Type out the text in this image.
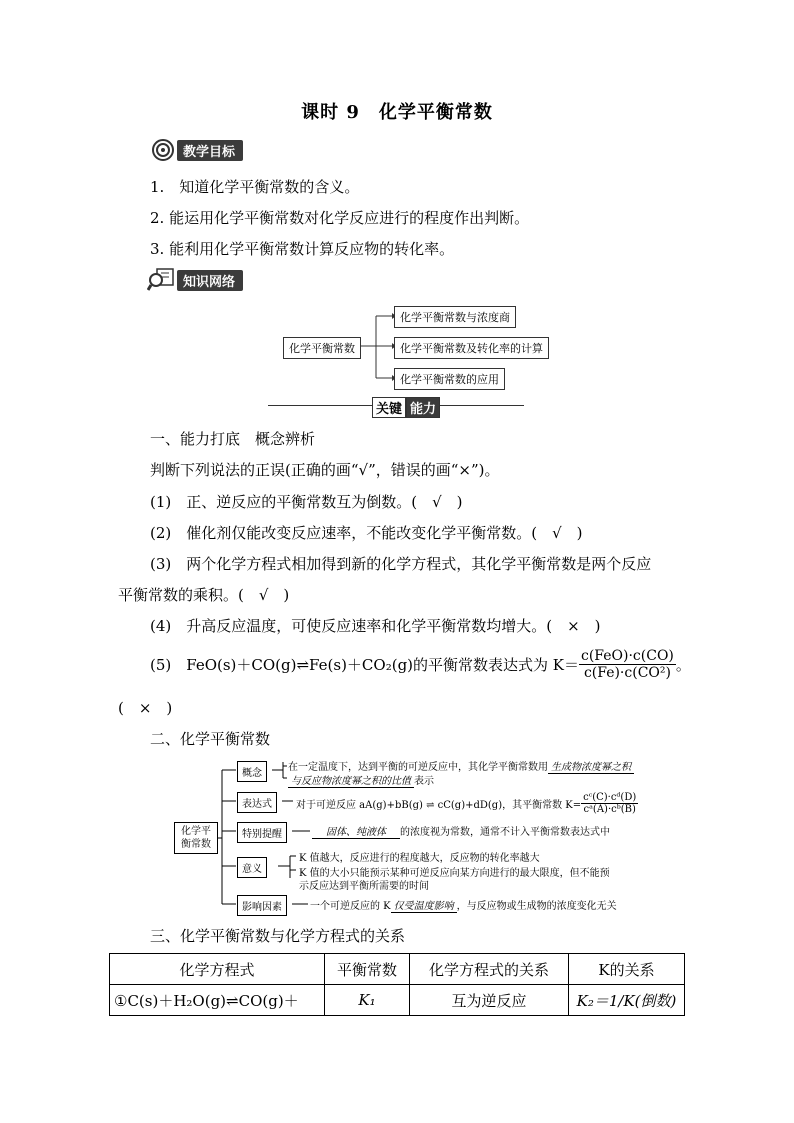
课时 9　化学平衡常数
教学目标
1.　知道化学平衡常数的含义。
2. 能运用化学平衡常数对化学反应进行的程度作出判断。
3. 能利用化学平衡常数计算反应物的转化率。
知识网络
化学平衡常数
化学平衡常数与浓度商
化学平衡常数及转化率的计算
化学平衡常数的应用
关键 能力
一、能力打底　概念辨析
判断下列说法的正误(正确的画“√”，错误的画“×”)。
(1)　正、逆反应的平衡常数互为倒数。(　√　)
(2)　催化剂仅能改变反应速率，不能改变化学平衡常数。(　√　)
(3)　两个化学方程式相加得到新的化学方程式，其化学平衡常数是两个反应
平衡常数的乘积。(　√　)
(4)　升高反应温度，可使反应速率和化学平衡常数均增大。(　×　)
(5)　FeO(s)＋CO(g)⇌Fe(s)＋CO₂(g)的平衡常数表达式为 $K= \frac{\text{c(FeO)·c(CO)}}{\text{c(Fe)·c(CO²)}}$ 。
(　×　)
二、化学平衡常数
化学平衡常数
概念
表达式
特别提醒
意义
影响因素
在一定温度下，达到平衡的可逆反应中，其化学平衡常数用 生成物浓度幂之积
与反应物浓度幂之积的比值 表示
对于可逆反应 aA(g)+bB(g) ⇌ cC(g)+dD(g)，其平衡常数 $K= \frac{\text{cᶜ(C)·cᵈ(D)}}{\text{cᵃ(A)·cᵇ(B)}}$
固体、纯液体 的浓度视为常数，通常不计入平衡常数表达式中
K 值越大，反应进行的程度越大，反应物的转化率越大
K 值的大小只能预示某种可逆反应向某方向进行的最大限度，但不能预
示反应达到平衡所需要的时间
一个可逆反应的 K 仅受温度影响 ，与反应物或生成物的浓度变化无关
三、化学平衡常数与化学方程式的关系
化学方程式	平衡常数	化学方程式的关系	K的关系
①C(s)＋H₂O(g)⇌CO(g)＋	K₁	互为逆反应	K₂＝1/K(倒数)
